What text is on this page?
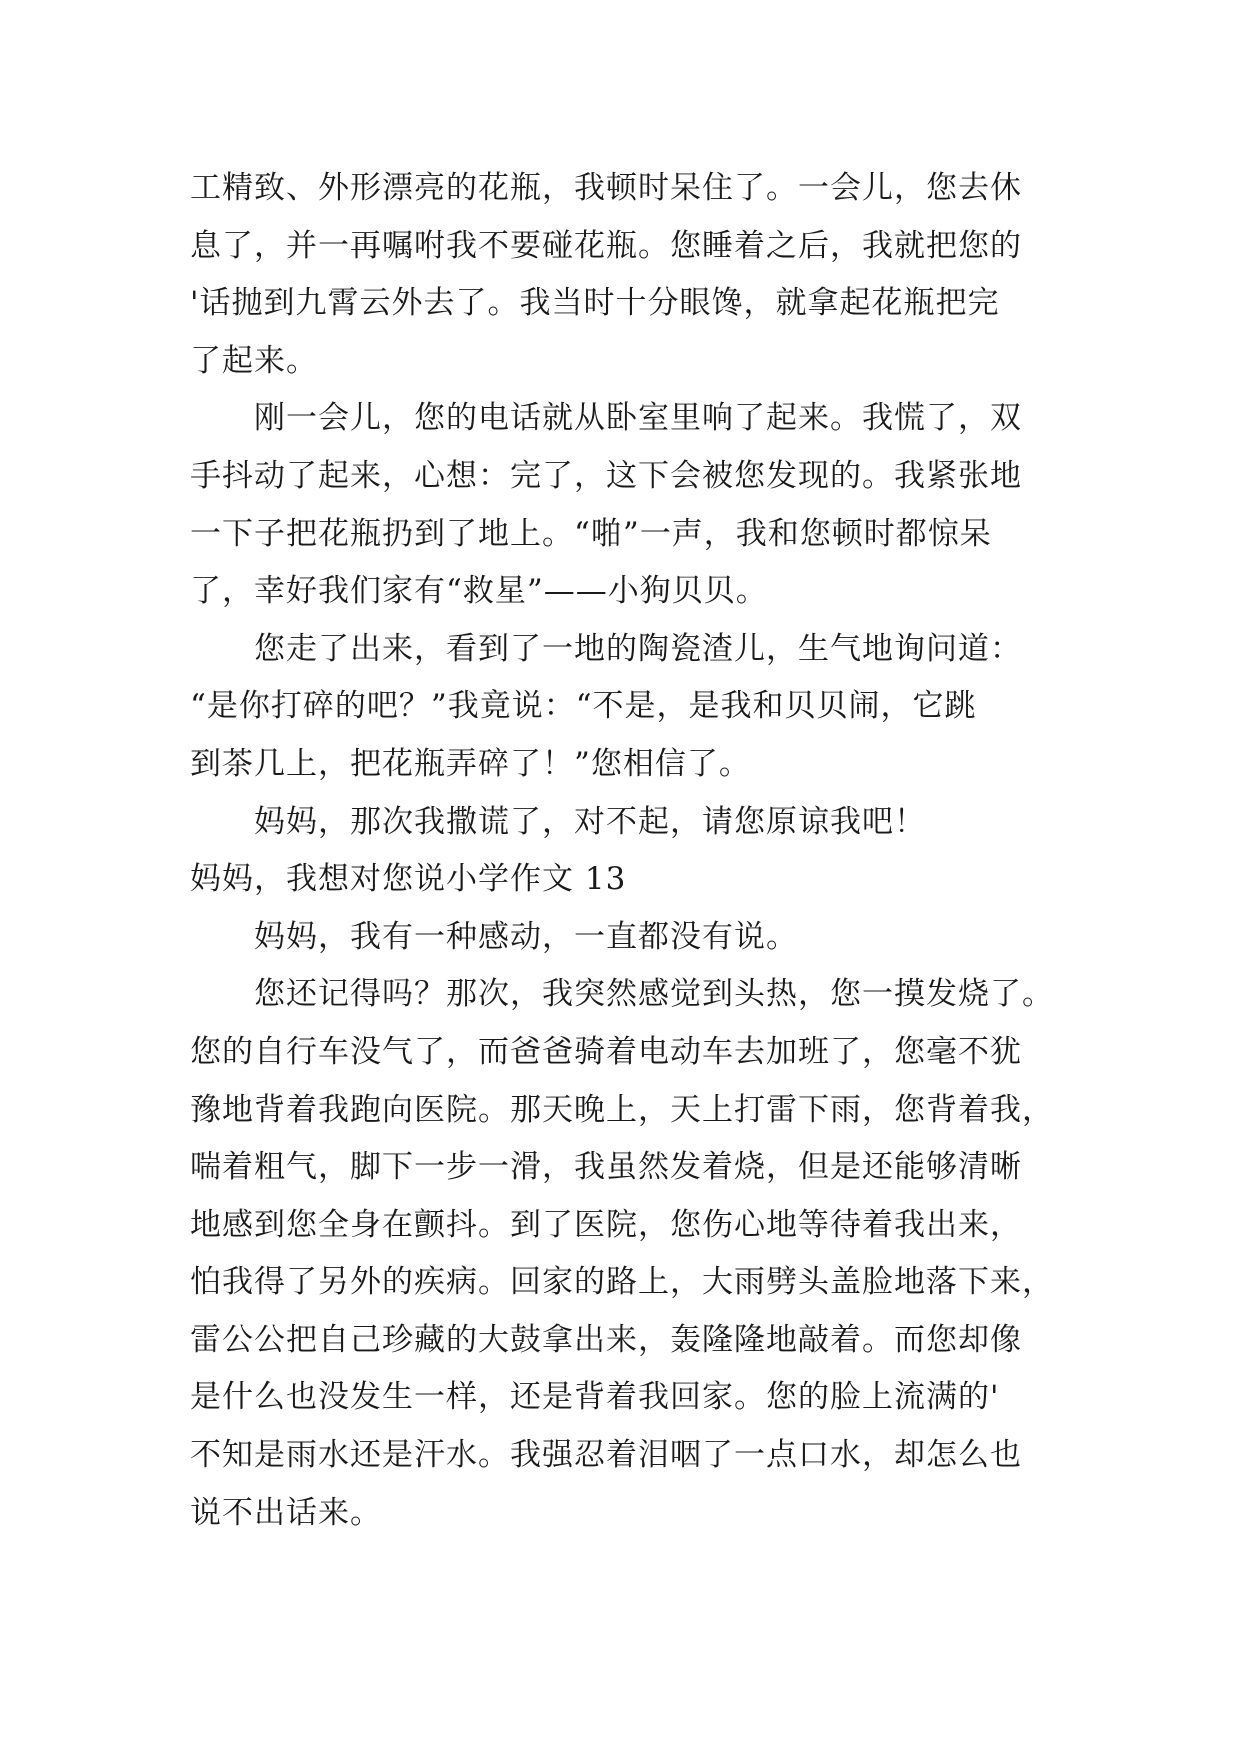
工精致、外形漂亮的花瓶，我顿时呆住了。一会儿，您去休
息了，并一再嘱咐我不要碰花瓶。您睡着之后，我就把您的
'话抛到九霄云外去了。我当时十分眼馋，就拿起花瓶把完
了起来。
刚一会儿，您的电话就从卧室里响了起来。我慌了，双
手抖动了起来，心想：完了，这下会被您发现的。我紧张地
一下子把花瓶扔到了地上。“啪”一声，我和您顿时都惊呆
了，幸好我们家有“救星”——小狗贝贝。
您走了出来，看到了一地的陶瓷渣儿，生气地询问道：
“是你打碎的吧？”我竟说：“不是，是我和贝贝闹，它跳
到茶几上，把花瓶弄碎了！”您相信了。
妈妈，那次我撒谎了，对不起，请您原谅我吧！
妈妈，我想对您说小学作文 13
妈妈，我有一种感动，一直都没有说。
您还记得吗？那次，我突然感觉到头热，您一摸发烧了。
您的自行车没气了，而爸爸骑着电动车去加班了，您毫不犹
豫地背着我跑向医院。那天晚上，天上打雷下雨，您背着我，
喘着粗气，脚下一步一滑，我虽然发着烧，但是还能够清晰
地感到您全身在颤抖。到了医院，您伤心地等待着我出来，
怕我得了另外的疾病。回家的路上，大雨劈头盖脸地落下来，
雷公公把自己珍藏的大鼓拿出来，轰隆隆地敲着。而您却像
是什么也没发生一样，还是背着我回家。您的脸上流满的'
不知是雨水还是汗水。我强忍着泪咽了一点口水，却怎么也
说不出话来。
